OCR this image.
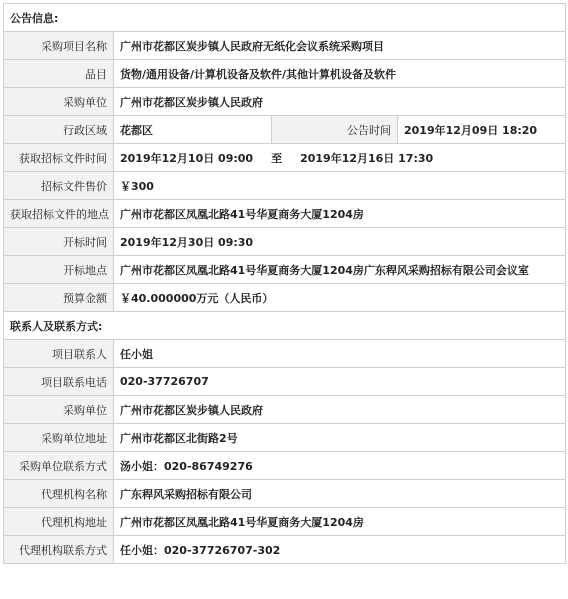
公告信息:			
采购项目名称	广州市花都区炭步镇人民政府无纸化会议系统采购项目		
品目	货物/通用设备/计算机设备及软件/其他计算机设备及软件		
采购单位	广州市花都区炭步镇人民政府		
行政区域	花都区	公告时间	2019年12月09日 18:20
获取招标文件时间	2019年12月10日 09:00 至 2019年12月16日 17:30		
招标文件售价	￥300		
获取招标文件的地点	广州市花都区凤凰北路41号华夏商务大厦1204房		
开标时间	2019年12月30日 09:30		
开标地点	广州市花都区凤凰北路41号华夏商务大厦1204房广东稈风采购招标有限公司会议室		
预算金额	￥40.000000万元（人民币）		
联系人及联系方式:			
项目联系人	任小姐		
项目联系电话	020-37726707		
采购单位	广州市花都区炭步镇人民政府		
采购单位地址	广州市花都区北街路2号		
采购单位联系方式	汤小姐：020-86749276		
代理机构名称	广东稈风采购招标有限公司		
代理机构地址	广州市花都区凤凰北路41号华夏商务大厦1204房		
代理机构联系方式	任小姐：020-37726707-302		
